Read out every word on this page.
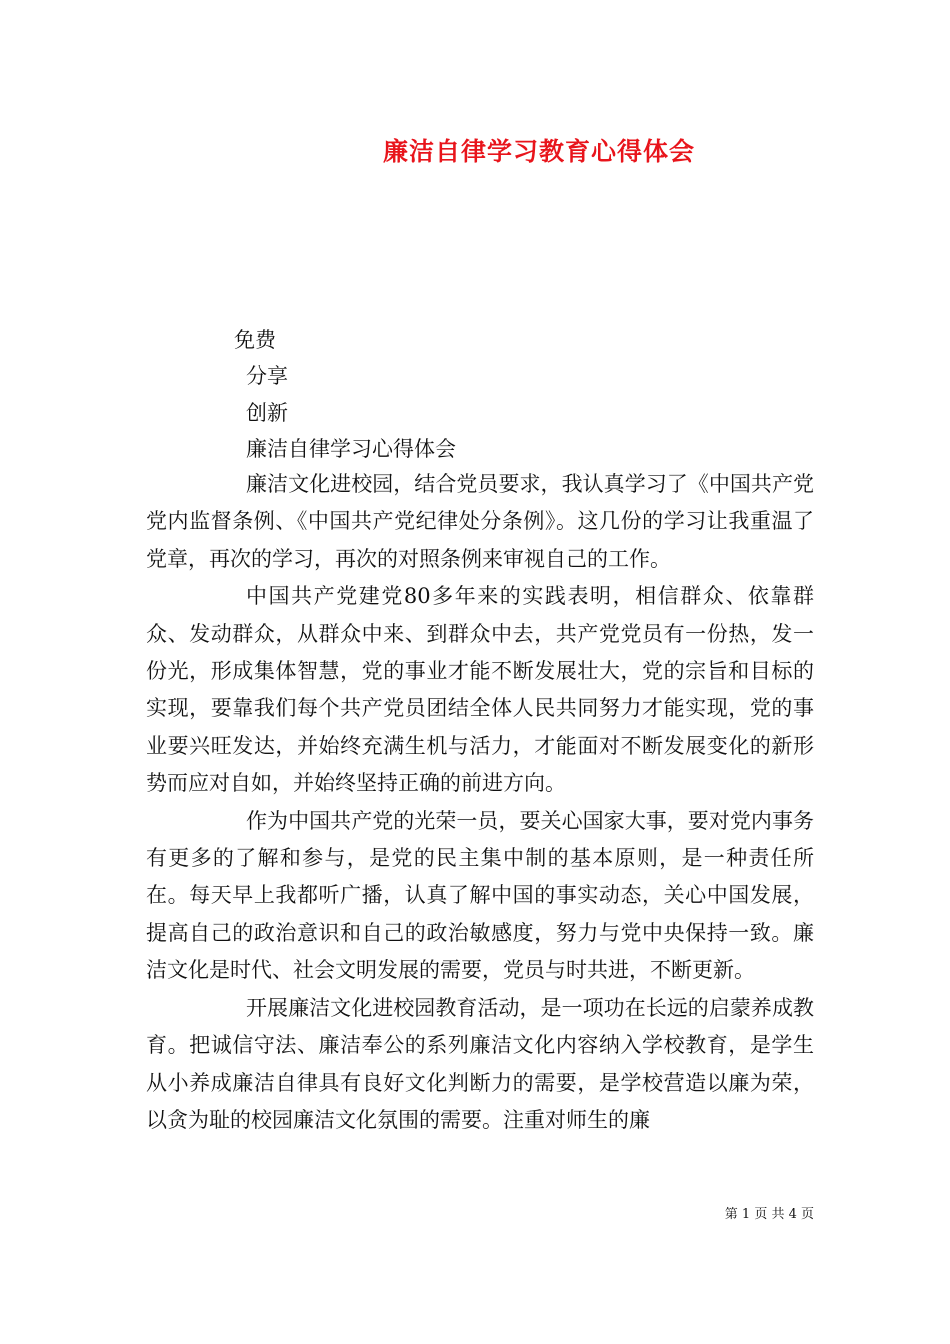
廉洁自律学习教育心得体会
免费
分享
创新
廉洁自律学习心得体会

廉洁文化进校园，结合党员要求，我认真学习了《中国共产党党内监督条例、《中国共产党纪律处分条例》。这几份的学习让我重温了党章，再次的学习，再次的对照条例来审视自己的工作。

中国共产党建党80多年来的实践表明，相信群众、依靠群众、发动群众，从群众中来、到群众中去，共产党党员有一份热，发一份光，形成集体智慧，党的事业才能不断发展壮大，党的宗旨和目标的实现，要靠我们每个共产党员团结全体人民共同努力才能实现，党的事业要兴旺发达，并始终充满生机与活力，才能面对不断发展变化的新形势而应对自如，并始终坚持正确的前进方向。

作为中国共产党的光荣一员，要关心国家大事，要对党内事务有更多的了解和参与，是党的民主集中制的基本原则，是一种责任所在。每天早上我都听广播，认真了解中国的事实动态，关心中国发展，提高自己的政治意识和自己的政治敏感度，努力与党中央保持一致。廉洁文化是时代、社会文明发展的需要，党员与时共进，不断更新。

开展廉洁文化进校园教育活动，是一项功在长远的启蒙养成教育。把诚信守法、廉洁奉公的系列廉洁文化内容纳入学校教育，是学生从小养成廉洁自律具有良好文化判断力的需要，是学校营造以廉为荣，以贪为耻的校园廉洁文化氛围的需要。注重对师生的廉

第 1 页 共 4 页
